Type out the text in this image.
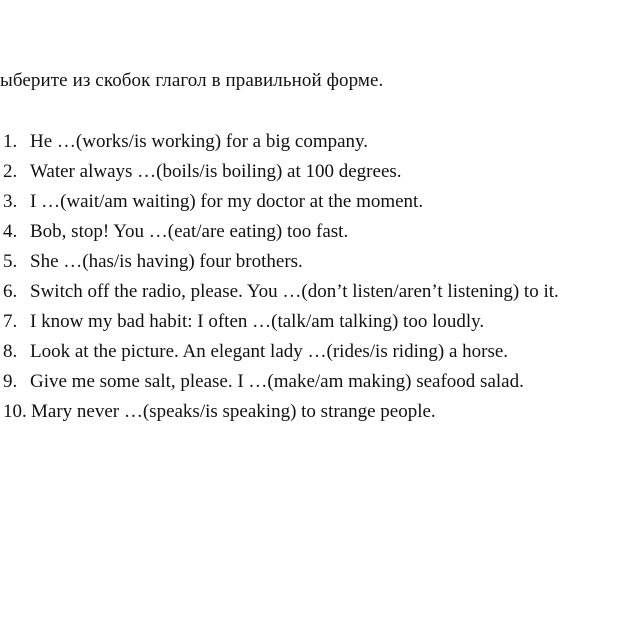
ыберите из скобок глагол в правильной форме.
1. He …(works/is working) for a big company.
2. Water always …(boils/is boiling) at 100 degrees.
3. I …(wait/am waiting) for my doctor at the moment.
4. Bob, stop! You …(eat/are eating) too fast.
5. She …(has/is having) four brothers.
6. Switch off the radio, please. You …(don’t listen/aren’t listening) to it.
7. I know my bad habit: I often …(talk/am talking) too loudly.
8. Look at the picture. An elegant lady …(rides/is riding) a horse.
9. Give me some salt, please. I …(make/am making) seafood salad.
10. Mary never …(speaks/is speaking) to strange people.
